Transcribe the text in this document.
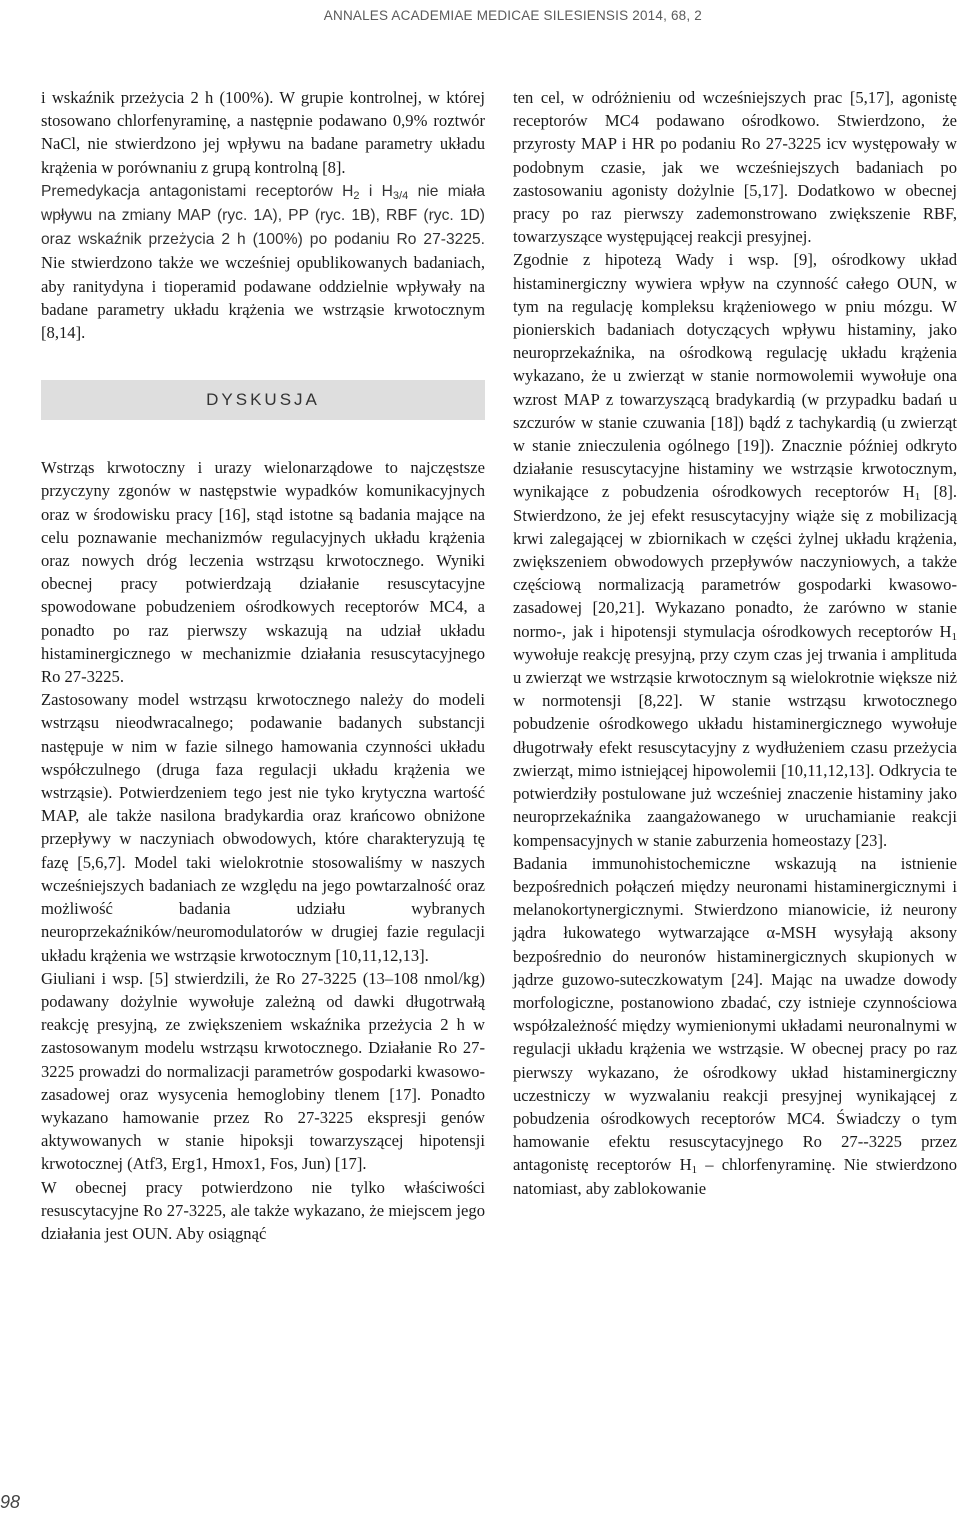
ANNALES ACADEMIAE MEDICAE SILESIENSIS 2014, 68, 2

i wskaźnik przeżycia 2 h (100%). W grupie kontrolnej, w której stosowano chlorfenyraminę, a następnie podawano 0,9% roztwór NaCl, nie stwierdzono jej wpływu na badane parametry układu krążenia w porównaniu z grupą kontrolną [8].

Premedykacja antagonistami receptorów $H_2$ i $H_{3/4}$ nie miała wpływu na zmiany MAP (ryc. 1A), PP (ryc. 1B), RBF (ryc. 1D) oraz wskaźnik przeżycia 2 h (100%) po podaniu Ro 27-3225. Nie stwierdzono także we wcześniej opublikowanych badaniach, aby ranitydyna i tioperamid podawane oddzielnie wpływały na badane parametry układu krążenia we wstrząsie krwotocznym [8,14].

DYSKUSJA

Wstrząs krwotoczny i urazy wielonarządowe to najczęstsze przyczyny zgonów w następstwie wypadków komunikacyjnych oraz w środowisku pracy [16], stąd istotne są badania mające na celu poznawanie mechanizmów regulacyjnych układu krążenia oraz nowych dróg leczenia wstrząsu krwotocznego. Wyniki obecnej pracy potwierdzają działanie resuscytacyjne spowodowane pobudzeniem ośrodkowych receptorów MC4, a ponadto po raz pierwszy wskazują na udział układu histaminergicznego w mechanizmie działania resuscytacyjnego Ro 27-3225.

Zastosowany model wstrząsu krwotocznego należy do modeli wstrząsu nieodwracalnego; podawanie badanych substancji następuje w nim w fazie silnego hamowania czynności układu współczulnego (druga faza regulacji układu krążenia we wstrząsie). Potwierdzeniem tego jest nie tyko krytyczna wartość MAP, ale także nasilona bradykardia oraz krańcowo obniżone przepływy w naczyniach obwodowych, które charakteryzują tę fazę [5,6,7]. Model taki wielokrotnie stosowaliśmy w naszych wcześniejszych badaniach ze względu na jego powtarzalność oraz możliwość badania udziału wybranych neuroprzekaźników/neuromodulatorów w drugiej fazie regulacji układu krążenia we wstrząsie krwotocznym [10,11,12,13].

Giuliani i wsp. [5] stwierdzili, że Ro 27-3225 (13–108 nmol/kg) podawany dożylnie wywołuje zależną od dawki długotrwałą reakcję presyjną, ze zwiększeniem wskaźnika przeżycia 2 h w zastosowanym modelu wstrząsu krwotocznego. Działanie Ro 27-3225 prowadzi do normalizacji parametrów gospodarki kwasowo-zasadowej oraz wysycenia hemoglobiny tlenem [17]. Ponadto wykazano hamowanie przez Ro 27-3225 ekspresji genów aktywowanych w stanie hipoksji towarzyszącej hipotensji krwotocznej (Atf3, Erg1, Hmox1, Fos, Jun) [17].

W obecnej pracy potwierdzono nie tylko właściwości resuscytacyjne Ro 27-3225, ale także wykazano, że miejscem jego działania jest OUN. Aby osiągnąć

ten cel, w odróżnieniu od wcześniejszych prac [5,17], agonistę receptorów MC4 podawano ośrodkowo. Stwierdzono, że przyrosty MAP i HR po podaniu Ro 27-3225 icv występowały w podobnym czasie, jak we wcześniejszych badaniach po zastosowaniu agonisty dożylnie [5,17]. Dodatkowo w obecnej pracy po raz pierwszy zademonstrowano zwiększenie RBF, towarzyszące występującej reakcji presyjnej.

Zgodnie z hipotezą Wady i wsp. [9], ośrodkowy układ histaminergiczny wywiera wpływ na czynność całego OUN, w tym na regulację kompleksu krążeniowego w pniu mózgu. W pionierskich badaniach dotyczących wpływu histaminy, jako neuroprzekaźnika, na ośrodkową regulację układu krążenia wykazano, że u zwierząt w stanie normowolemii wywołuje ona wzrost MAP z towarzyszącą bradykardią (w przypadku badań u szczurów w stanie czuwania [18]) bądź z tachykardią (u zwierząt w stanie znieczulenia ogólnego [19]). Znacznie później odkryto działanie resuscytacyjne histaminy we wstrząsie krwotocznym, wynikające z pobudzenia ośrodkowych receptorów $H_1$ [8]. Stwierdzono, że jej efekt resuscytacyjny wiąże się z mobilizacją krwi zalegającej w zbiornikach w części żylnej układu krążenia, zwiększeniem obwodowych przepływów naczyniowych, a także częściową normalizacją parametrów gospodarki kwasowo-zasadowej [20,21]. Wykazano ponadto, że zarówno w stanie normo-, jak i hipotensji stymulacja ośrodkowych receptorów $H_1$ wywołuje reakcję presyjną, przy czym czas jej trwania i amplituda u zwierząt we wstrząsie krwotocznym są wielokrotnie większe niż w normotensji [8,22]. W stanie wstrząsu krwotocznego pobudzenie ośrodkowego układu histaminergicznego wywołuje długotrwały efekt resuscytacyjny z wydłużeniem czasu przeżycia zwierząt, mimo istniejącej hipowolemii [10,11,12,13]. Odkrycia te potwierdziły postulowane już wcześniej znaczenie histaminy jako neuroprzekaźnika zaangażowanego w uruchamianie reakcji kompensacyjnych w stanie zaburzenia homeostazy [23].

Badania immunohistochemiczne wskazują na istnienie bezpośrednich połączeń między neuronami histaminergicznymi i melanokortynergicznymi. Stwierdzono mianowicie, iż neurony jądra łukowatego wytwarzające α-MSH wysyłają aksony bezpośrednio do neuronów histaminergicznych skupionych w jądrze guzowo-suteczkowatym [24]. Mając na uwadze dowody morfologiczne, postanowiono zbadać, czy istnieje czynnościowa współzależność między wymienionymi układami neuronalnymi w regulacji układu krążenia we wstrząsie. W obecnej pracy po raz pierwszy wykazano, że ośrodkowy układ histaminergiczny uczestniczy w wyzwalaniu reakcji presyjnej wynikającej z pobudzenia ośrodkowych receptorów MC4. Świadczy o tym hamowanie efektu resuscytacyjnego Ro 27--3225 przez antagonistę receptorów $H_1$ – chlorfenyraminę. Nie stwierdzono natomiast, aby zablokowanie

98
